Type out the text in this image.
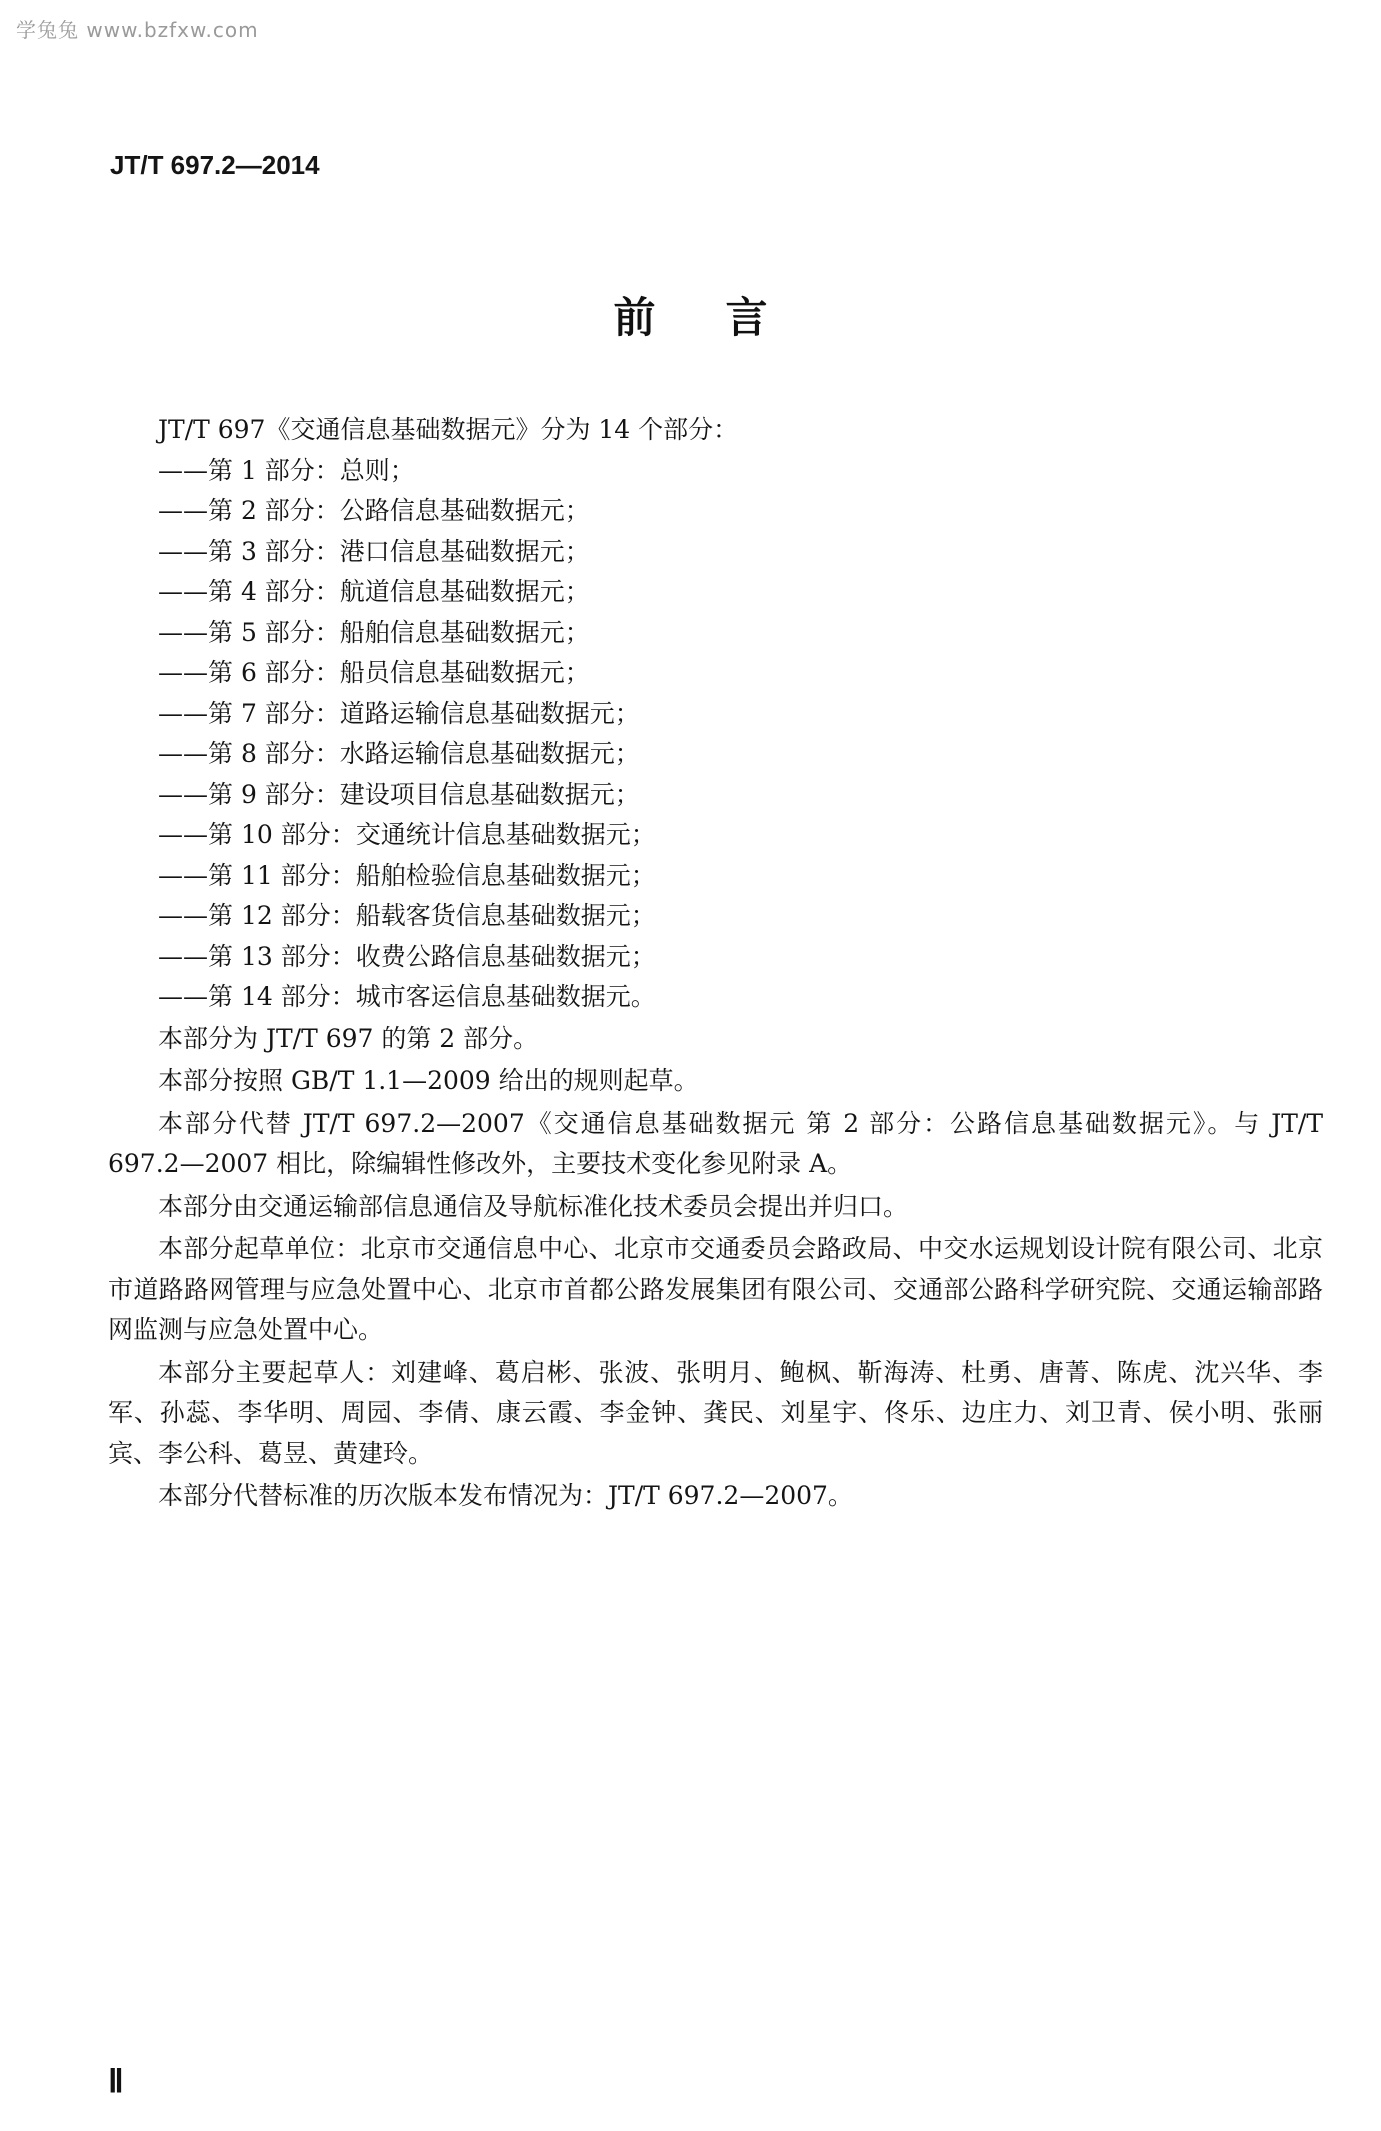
学兔兔 www.bzfxw.com
JT/T 697.2—2014
前言
JT/T 697《交通信息基础数据元》分为 14 个部分：
——第 1 部分：总则；
——第 2 部分：公路信息基础数据元；
——第 3 部分：港口信息基础数据元；
——第 4 部分：航道信息基础数据元；
——第 5 部分：船舶信息基础数据元；
——第 6 部分：船员信息基础数据元；
——第 7 部分：道路运输信息基础数据元；
——第 8 部分：水路运输信息基础数据元；
——第 9 部分：建设项目信息基础数据元；
——第 10 部分：交通统计信息基础数据元；
——第 11 部分：船舶检验信息基础数据元；
——第 12 部分：船载客货信息基础数据元；
——第 13 部分：收费公路信息基础数据元；
——第 14 部分：城市客运信息基础数据元。
本部分为 JT/T 697 的第 2 部分。
本部分按照 GB/T 1.1—2009 给出的规则起草。
本部分代替 JT/T 697.2—2007《交通信息基础数据元 第 2 部分：公路信息基础数据元》。与 JT/T 697.2—2007 相比，除编辑性修改外，主要技术变化参见附录 A。
本部分由交通运输部信息通信及导航标准化技术委员会提出并归口。
本部分起草单位：北京市交通信息中心、北京市交通委员会路政局、中交水运规划设计院有限公司、北京市道路路网管理与应急处置中心、北京市首都公路发展集团有限公司、交通部公路科学研究院、交通运输部路网监测与应急处置中心。
本部分主要起草人：刘建峰、葛启彬、张波、张明月、鲍枫、靳海涛、杜勇、唐菁、陈虎、沈兴华、李军、孙蕊、李华明、周园、李倩、康云霞、李金钟、龚民、刘星宇、佟乐、边庄力、刘卫青、侯小明、张丽宾、李公科、葛昱、黄建玲。
本部分代替标准的历次版本发布情况为：JT/T 697.2—2007。
Ⅱ
